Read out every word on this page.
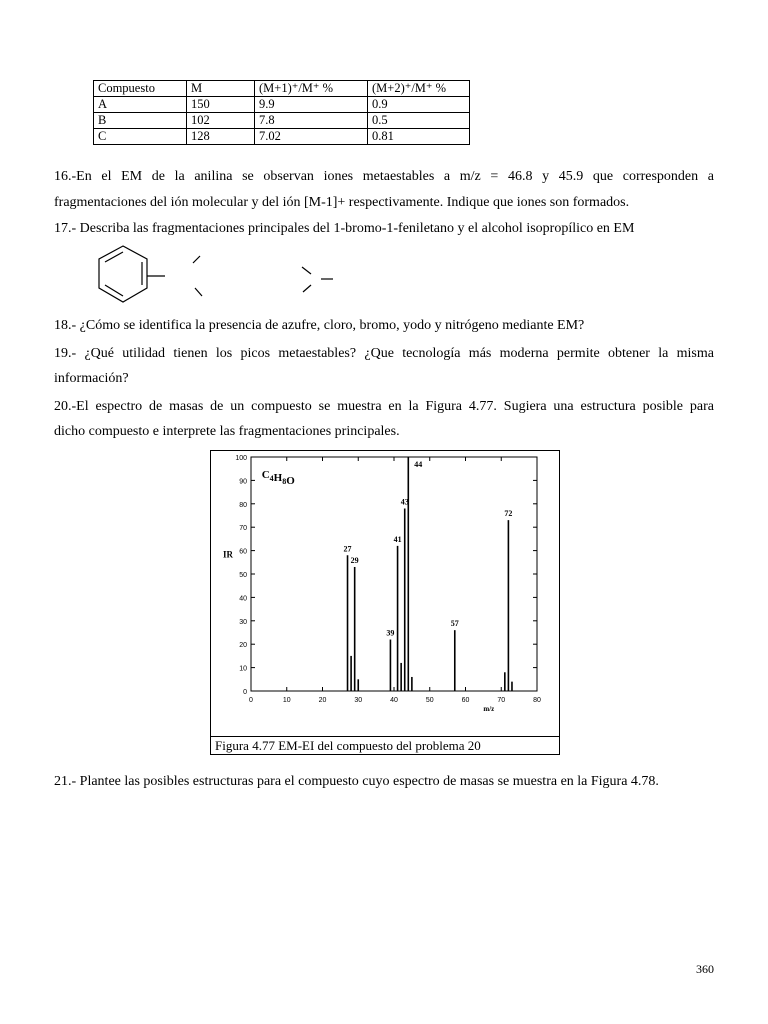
Compuesto	M	(M+1)⁺/M⁺ %	(M+2)⁺/M⁺ %
A	150	9.9	0.9
B	102	7.8	0.5
C	128	7.02	0.81
16.-En el EM de la anilina se observan iones metaestables a m/z = 46.8 y 45.9 que corresponden a
fragmentaciones del ión molecular y del ión [M-1]+ respectivamente. Indique que iones son formados.
17.- Describa las fragmentaciones principales del 1-bromo-1-feniletano y el alcohol isopropílico en EM
18.- ¿Cómo se identifica la presencia de azufre, cloro, bromo, yodo y nitrógeno mediante EM?
19.- ¿Qué utilidad tienen los picos metaestables? ¿Que tecnología más moderna permite obtener la misma
información?
20.-El espectro de masas de un compuesto se muestra en la Figura 4.77. Sugiera una estructura posible para
dicho compuesto e interprete las fragmentaciones principales.
0
10
20
30
40
50
60
70
80
90
100
0	10	20	30	40	50	60	70	80
IR
m/z
$C_4H_8O$
27
29
39
41
43
44
57
72
Figura 4.77 EM-EI del compuesto del problema 20
21.- Plantee las posibles estructuras para el compuesto cuyo espectro de masas se muestra en la Figura 4.78.
360
